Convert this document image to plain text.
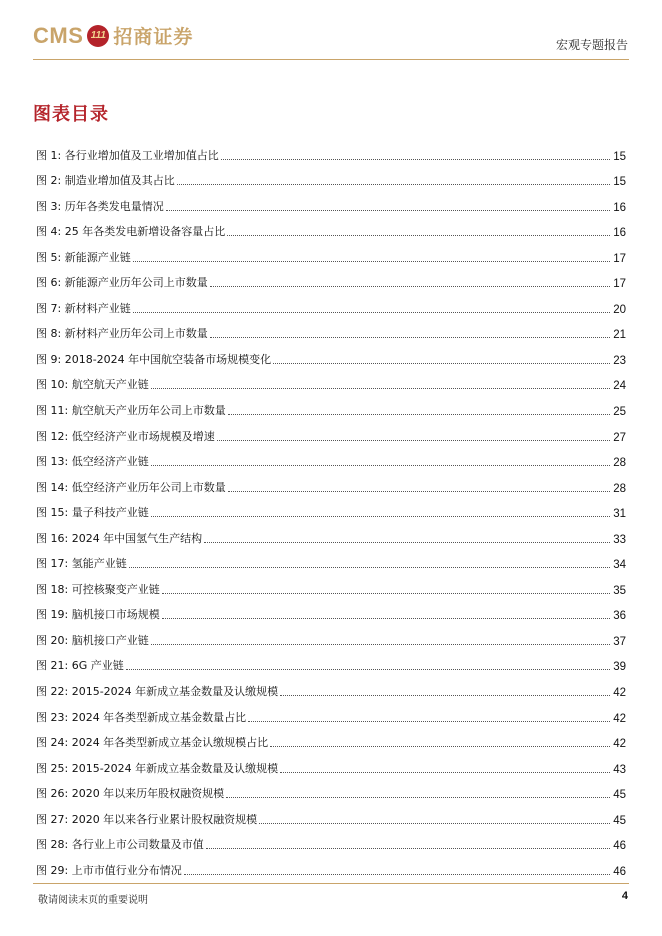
CMS 111 招商证券	宏观专题报告
图表目录
图 1: 各行业增加值及工业增加值占比	15
图 2: 制造业增加值及其占比	15
图 3: 历年各类发电量情况	16
图 4: 25 年各类发电新增设备容量占比	16
图 5: 新能源产业链	17
图 6: 新能源产业历年公司上市数量	17
图 7: 新材料产业链	20
图 8: 新材料产业历年公司上市数量	21
图 9: 2018-2024 年中国航空装备市场规模变化	23
图 10: 航空航天产业链	24
图 11: 航空航天产业历年公司上市数量	25
图 12: 低空经济产业市场规模及增速	27
图 13: 低空经济产业链	28
图 14: 低空经济产业历年公司上市数量	28
图 15: 量子科技产业链	31
图 16: 2024 年中国氢气生产结构	33
图 17: 氢能产业链	34
图 18: 可控核聚变产业链	35
图 19: 脑机接口市场规模	36
图 20: 脑机接口产业链	37
图 21: 6G 产业链	39
图 22: 2015-2024 年新成立基金数量及认缴规模	42
图 23: 2024 年各类型新成立基金数量占比	42
图 24: 2024 年各类型新成立基金认缴规模占比	42
图 25: 2015-2024 年新成立基金数量及认缴规模	43
图 26: 2020 年以来历年股权融资规模	45
图 27: 2020 年以来各行业累计股权融资规模	45
图 28: 各行业上市公司数量及市值	46
图 29: 上市市值行业分布情况	46
敬请阅读末页的重要说明	4
